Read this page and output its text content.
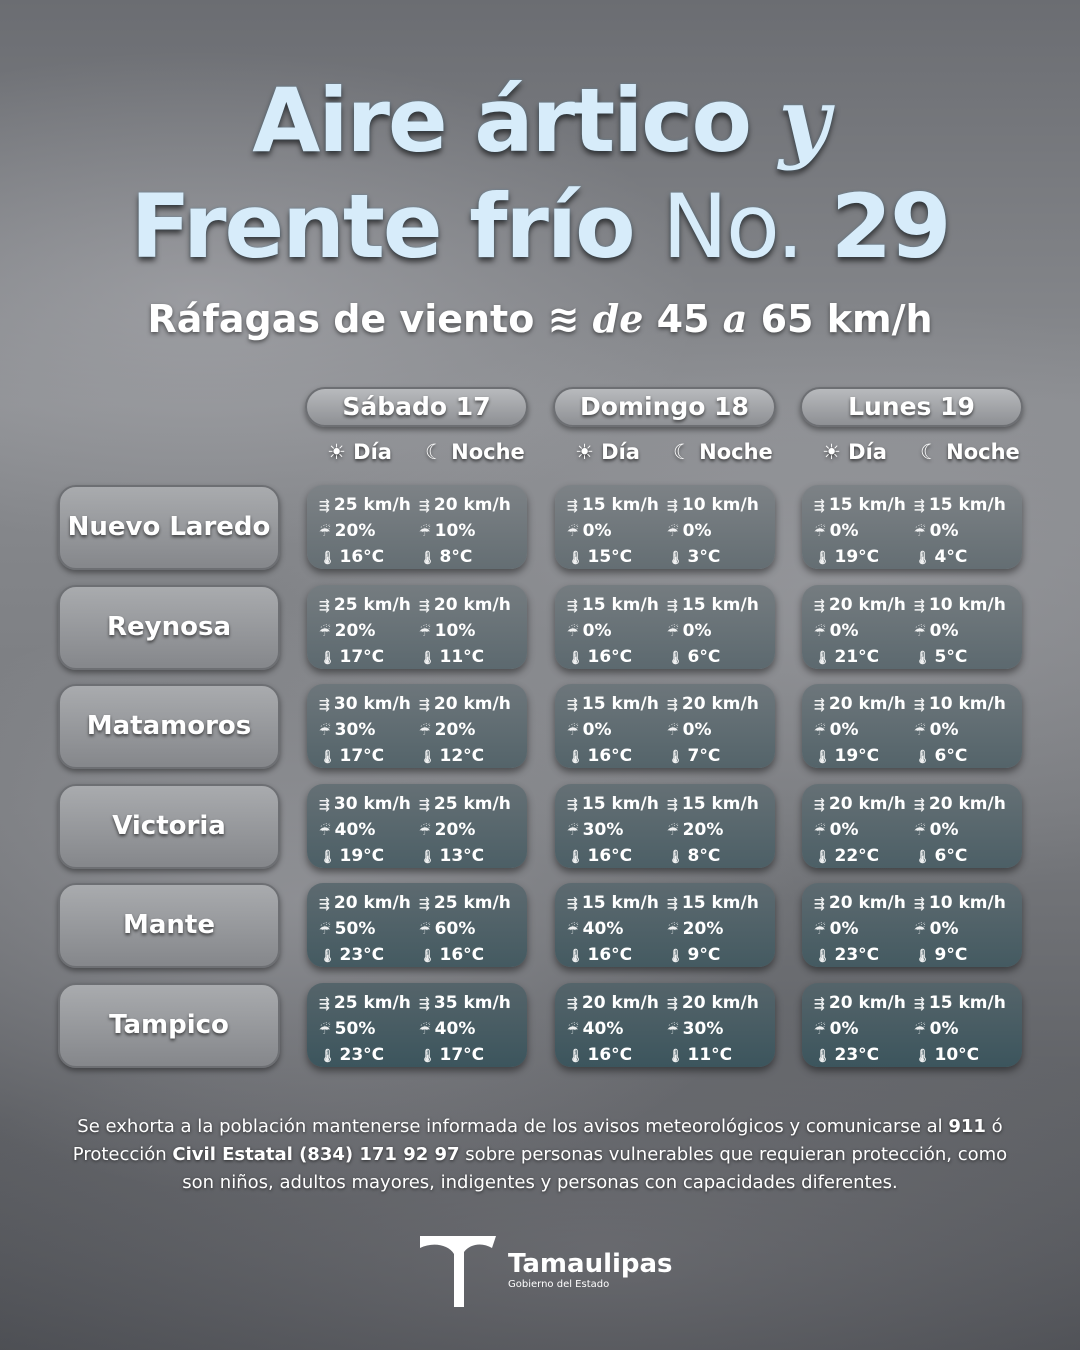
Aire ártico y
Frente frío No. 29
Ráfagas de viento ≋ de 45 a 65 km/h
Sábado 17
☀ Día ☾ Noche
Domingo 18
☀ Día ☾ Noche
Lunes 19
☀ Día ☾ Noche
Nuevo Laredo
⇶ 25 km/h
☔ 20%
🌡 16°C
⇶ 20 km/h
☔ 10%
🌡 8°C
⇶ 15 km/h
☔ 0%
🌡 15°C
⇶ 10 km/h
☔ 0%
🌡 3°C
⇶ 15 km/h
☔ 0%
🌡 19°C
⇶ 15 km/h
☔ 0%
🌡 4°C
Reynosa
⇶ 25 km/h
☔ 20%
🌡 17°C
⇶ 20 km/h
☔ 10%
🌡 11°C
⇶ 15 km/h
☔ 0%
🌡 16°C
⇶ 15 km/h
☔ 0%
🌡 6°C
⇶ 20 km/h
☔ 0%
🌡 21°C
⇶ 10 km/h
☔ 0%
🌡 5°C
Matamoros
⇶ 30 km/h
☔ 30%
🌡 17°C
⇶ 20 km/h
☔ 20%
🌡 12°C
⇶ 15 km/h
☔ 0%
🌡 16°C
⇶ 20 km/h
☔ 0%
🌡 7°C
⇶ 20 km/h
☔ 0%
🌡 19°C
⇶ 10 km/h
☔ 0%
🌡 6°C
Victoria
⇶ 30 km/h
☔ 40%
🌡 19°C
⇶ 25 km/h
☔ 20%
🌡 13°C
⇶ 15 km/h
☔ 30%
🌡 16°C
⇶ 15 km/h
☔ 20%
🌡 8°C
⇶ 20 km/h
☔ 0%
🌡 22°C
⇶ 20 km/h
☔ 0%
🌡 6°C
Mante
⇶ 20 km/h
☔ 50%
🌡 23°C
⇶ 25 km/h
☔ 60%
🌡 16°C
⇶ 15 km/h
☔ 40%
🌡 16°C
⇶ 15 km/h
☔ 20%
🌡 9°C
⇶ 20 km/h
☔ 0%
🌡 23°C
⇶ 10 km/h
☔ 0%
🌡 9°C
Tampico
⇶ 25 km/h
☔ 50%
🌡 23°C
⇶ 35 km/h
☔ 40%
🌡 17°C
⇶ 20 km/h
☔ 40%
🌡 16°C
⇶ 20 km/h
☔ 30%
🌡 11°C
⇶ 20 km/h
☔ 0%
🌡 23°C
⇶ 15 km/h
☔ 0%
🌡 10°C
Se exhorta a la población mantenerse informada de los avisos meteorológicos y comunicarse al 911 ó Protección Civil Estatal (834) 171 92 97 sobre personas vulnerables que requieran protección, como son niños, adultos mayores, indigentes y personas con capacidades diferentes.
Tamaulipas
Gobierno del Estado
